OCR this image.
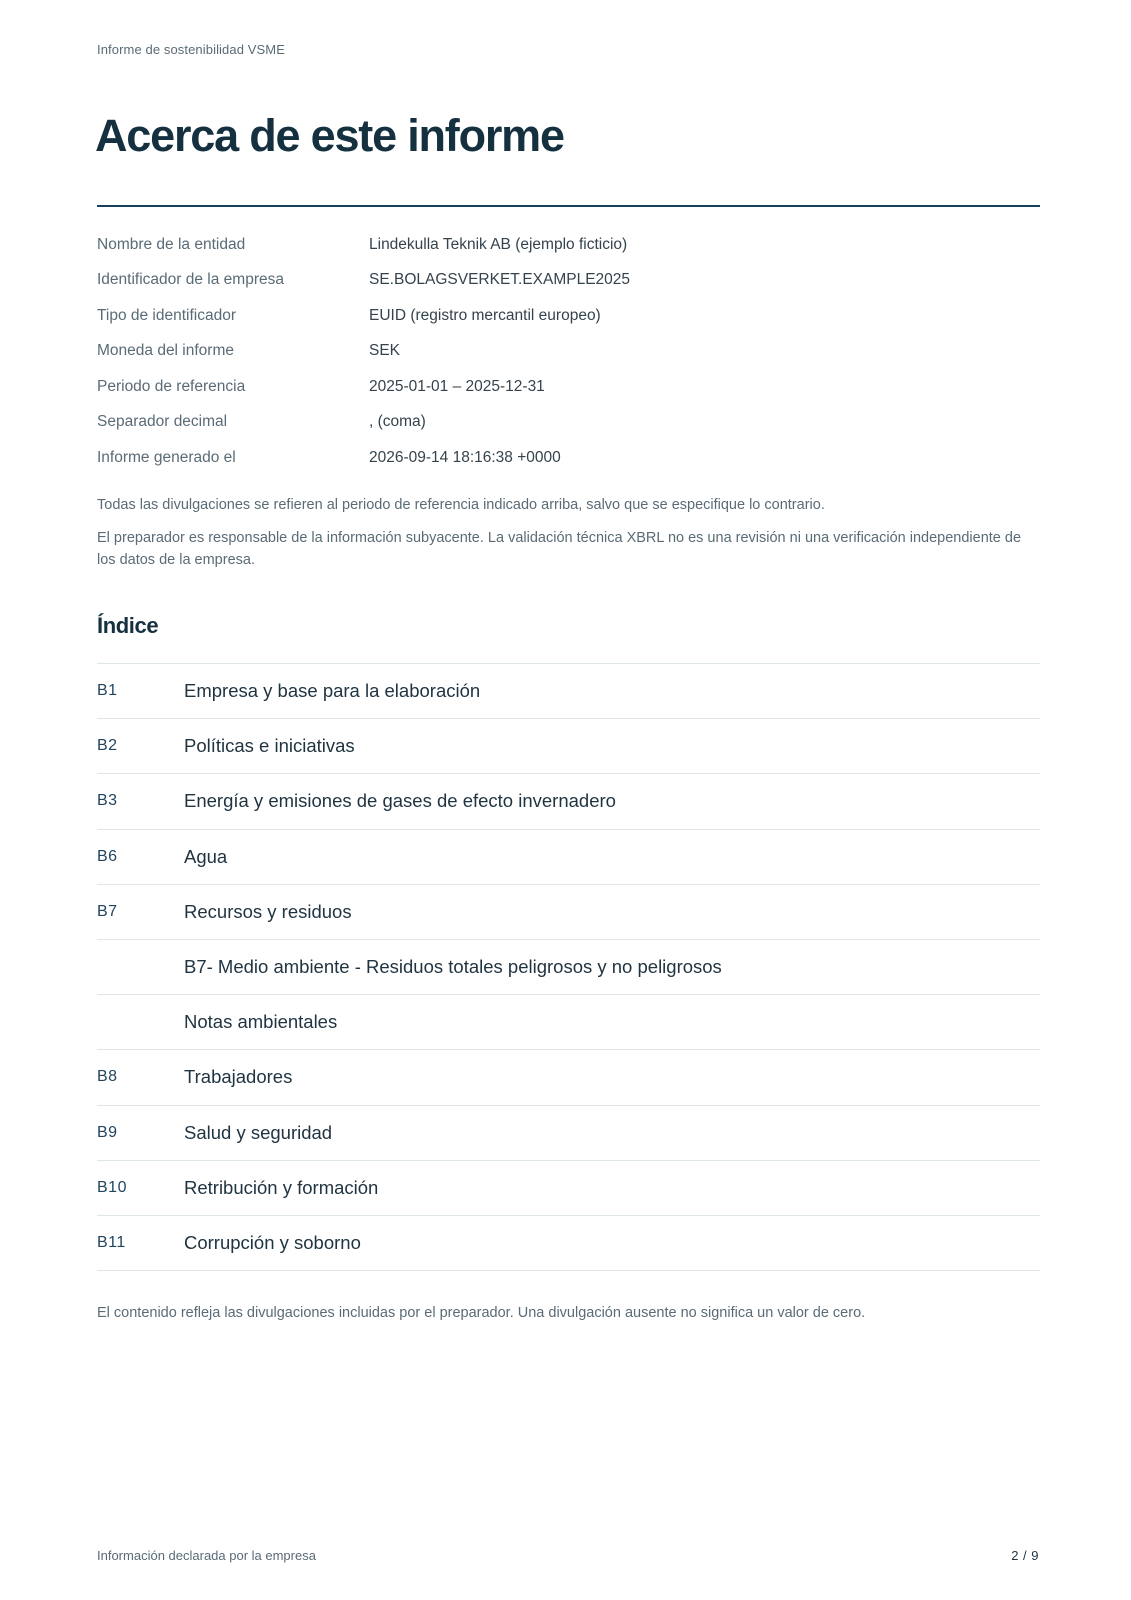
Informe de sostenibilidad VSME
Acerca de este informe
Nombre de la entidad	Lindekulla Teknik AB (ejemplo ficticio)
Identificador de la empresa	SE.BOLAGSVERKET.EXAMPLE2025
Tipo de identificador	EUID (registro mercantil europeo)
Moneda del informe	SEK
Periodo de referencia	2025-01-01 – 2025-12-31
Separador decimal	, (coma)
Informe generado el	2026-09-14 18:16:38 +0000

Todas las divulgaciones se refieren al periodo de referencia indicado arriba, salvo que se especifique lo contrario.

El preparador es responsable de la información subyacente. La validación técnica XBRL no es una revisión ni una verificación independiente de los datos de la empresa.

Índice
B1	Empresa y base para la elaboración
B2	Políticas e iniciativas
B3	Energía y emisiones de gases de efecto invernadero
B6	Agua
B7	Recursos y residuos
B7- Medio ambiente - Residuos totales peligrosos y no peligrosos
Notas ambientales
B8	Trabajadores
B9	Salud y seguridad
B10	Retribución y formación
B11	Corrupción y soborno
El contenido refleja las divulgaciones incluidas por el preparador. Una divulgación ausente no significa un valor de cero.
Información declarada por la empresa	2 / 9
